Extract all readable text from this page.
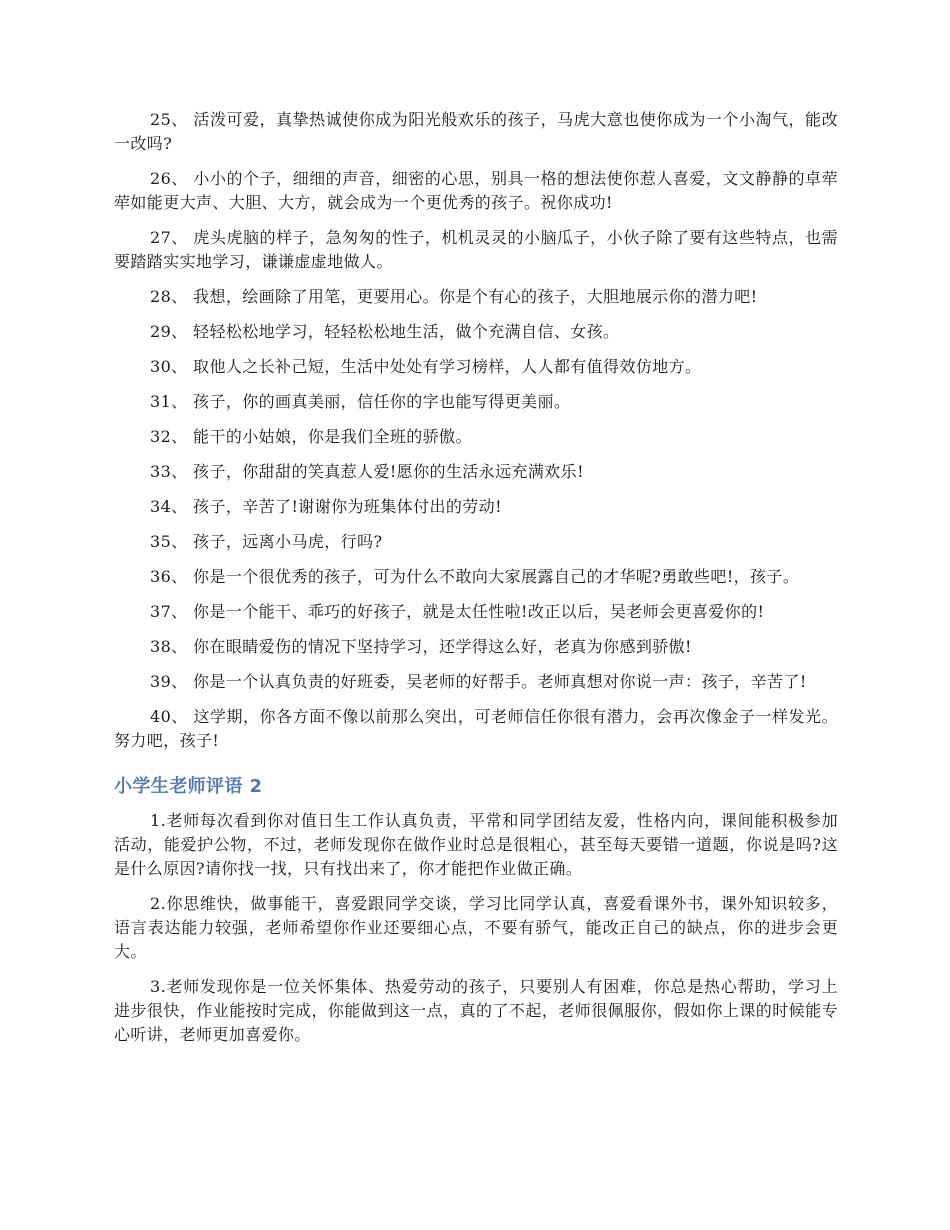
25、 活泼可爱，真挚热诚使你成为阳光般欢乐的孩子，马虎大意也使你成为一个小淘气，能改一改吗?

26、 小小的个子，细细的声音，细密的心思，别具一格的想法使你惹人喜爱，文文静静的卓荦荦如能更大声、大胆、大方，就会成为一个更优秀的孩子。祝你成功!

27、 虎头虎脑的样子，急匆匆的性子，机机灵灵的小脑瓜子，小伙子除了要有这些特点，也需要踏踏实实地学习，谦谦虚虚地做人。

28、 我想，绘画除了用笔，更要用心。你是个有心的孩子，大胆地展示你的潜力吧!

29、 轻轻松松地学习，轻轻松松地生活，做个充满自信、女孩。

30、 取他人之长补己短，生活中处处有学习榜样，人人都有值得效仿地方。

31、 孩子，你的画真美丽，信任你的字也能写得更美丽。

32、 能干的小姑娘，你是我们全班的骄傲。

33、 孩子，你甜甜的笑真惹人爱!愿你的生活永远充满欢乐!

34、 孩子，辛苦了!谢谢你为班集体付出的劳动!

35、 孩子，远离小马虎，行吗?

36、 你是一个很优秀的孩子，可为什么不敢向大家展露自己的才华呢?勇敢些吧!，孩子。

37、 你是一个能干、乖巧的好孩子，就是太任性啦!改正以后，吴老师会更喜爱你的!

38、 你在眼睛爱伤的情况下坚持学习，还学得这么好，老真为你感到骄傲!

39、 你是一个认真负责的好班委，吴老师的好帮手。老师真想对你说一声：孩子，辛苦了!

40、 这学期，你各方面不像以前那么突出，可老师信任你很有潜力，会再次像金子一样发光。努力吧，孩子!

小学生老师评语 2

1.老师每次看到你对值日生工作认真负责，平常和同学团结友爱，性格内向，课间能积极参加活动，能爱护公物，不过，老师发现你在做作业时总是很粗心，甚至每天要错一道题，你说是吗?这是什么原因?请你找一找，只有找出来了，你才能把作业做正确。

2.你思维快，做事能干，喜爱跟同学交谈，学习比同学认真，喜爱看课外书，课外知识较多，语言表达能力较强，老师希望你作业还要细心点，不要有骄气，能改正自己的缺点，你的进步会更大。

3.老师发现你是一位关怀集体、热爱劳动的孩子，只要别人有困难，你总是热心帮助，学习上进步很快，作业能按时完成，你能做到这一点，真的了不起，老师很佩服你，假如你上课的时候能专心听讲，老师更加喜爱你。
